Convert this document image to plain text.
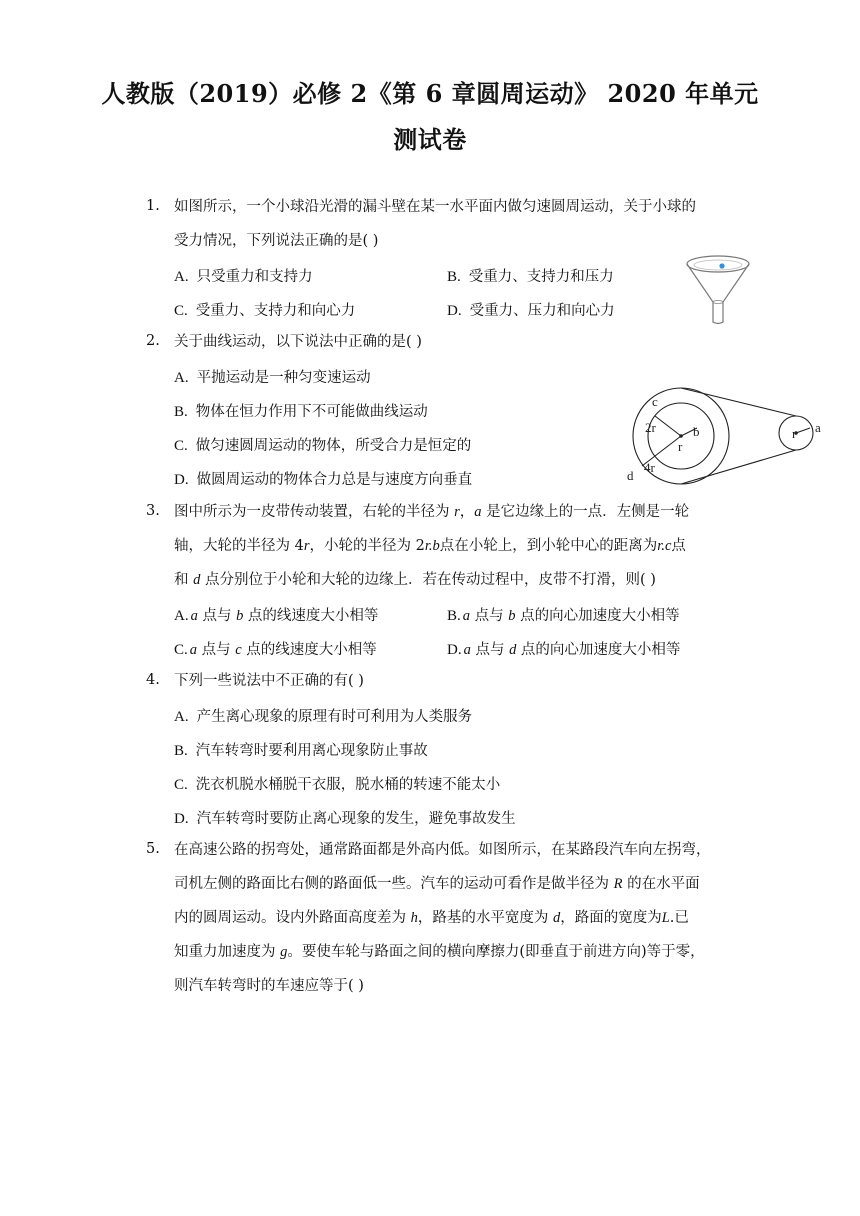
人教版（2019）必修 2《第 6 章圆周运动》 2020 年单元
测试卷
1. 如图所示，一个小球沿光滑的漏斗壁在某一水平面内做匀速圆周运动，关于小球的
受力情况，下列说法正确的是( )
A. 只受重力和支持力	B. 受重力、支持力和压力
C. 受重力、支持力和向心力	D. 受重力、压力和向心力
2. 关于曲线运动，以下说法中正确的是( )
A. 平抛运动是一种匀变速运动
B. 物体在恒力作用下不可能做曲线运动
C. 做匀速圆周运动的物体，所受合力是恒定的
D. 做圆周运动的物体合力总是与速度方向垂直
c
2r
r
b
4r
d
r a
3. 图中所示为一皮带传动装置，右轮的半径为 r，a 是它边缘上的一点．左侧是一轮
轴，大轮的半径为 4r，小轮的半径为 2r.b点在小轮上，到小轮中心的距离为r.c点
和 d 点分别位于小轮和大轮的边缘上．若在传动过程中，皮带不打滑，则( )
A. a 点与 b 点的线速度大小相等	B. a 点与 b 点的向心加速度大小相等
C. a 点与 c 点的线速度大小相等	D. a 点与 d 点的向心加速度大小相等
4. 下列一些说法中不正确的有( )
A. 产生离心现象的原理有时可利用为人类服务
B. 汽车转弯时要利用离心现象防止事故
C. 洗衣机脱水桶脱干衣服，脱水桶的转速不能太小
D. 汽车转弯时要防止离心现象的发生，避免事故发生
5. 在高速公路的拐弯处，通常路面都是外高内低。如图所示，在某路段汽车向左拐弯，
司机左侧的路面比右侧的路面低一些。汽车的运动可看作是做半径为 R 的在水平面
内的圆周运动。设内外路面高度差为 h，路基的水平宽度为 d，路面的宽度为L.已
知重力加速度为 g。要使车轮与路面之间的横向摩擦力(即垂直于前进方向)等于零，
则汽车转弯时的车速应等于( )
